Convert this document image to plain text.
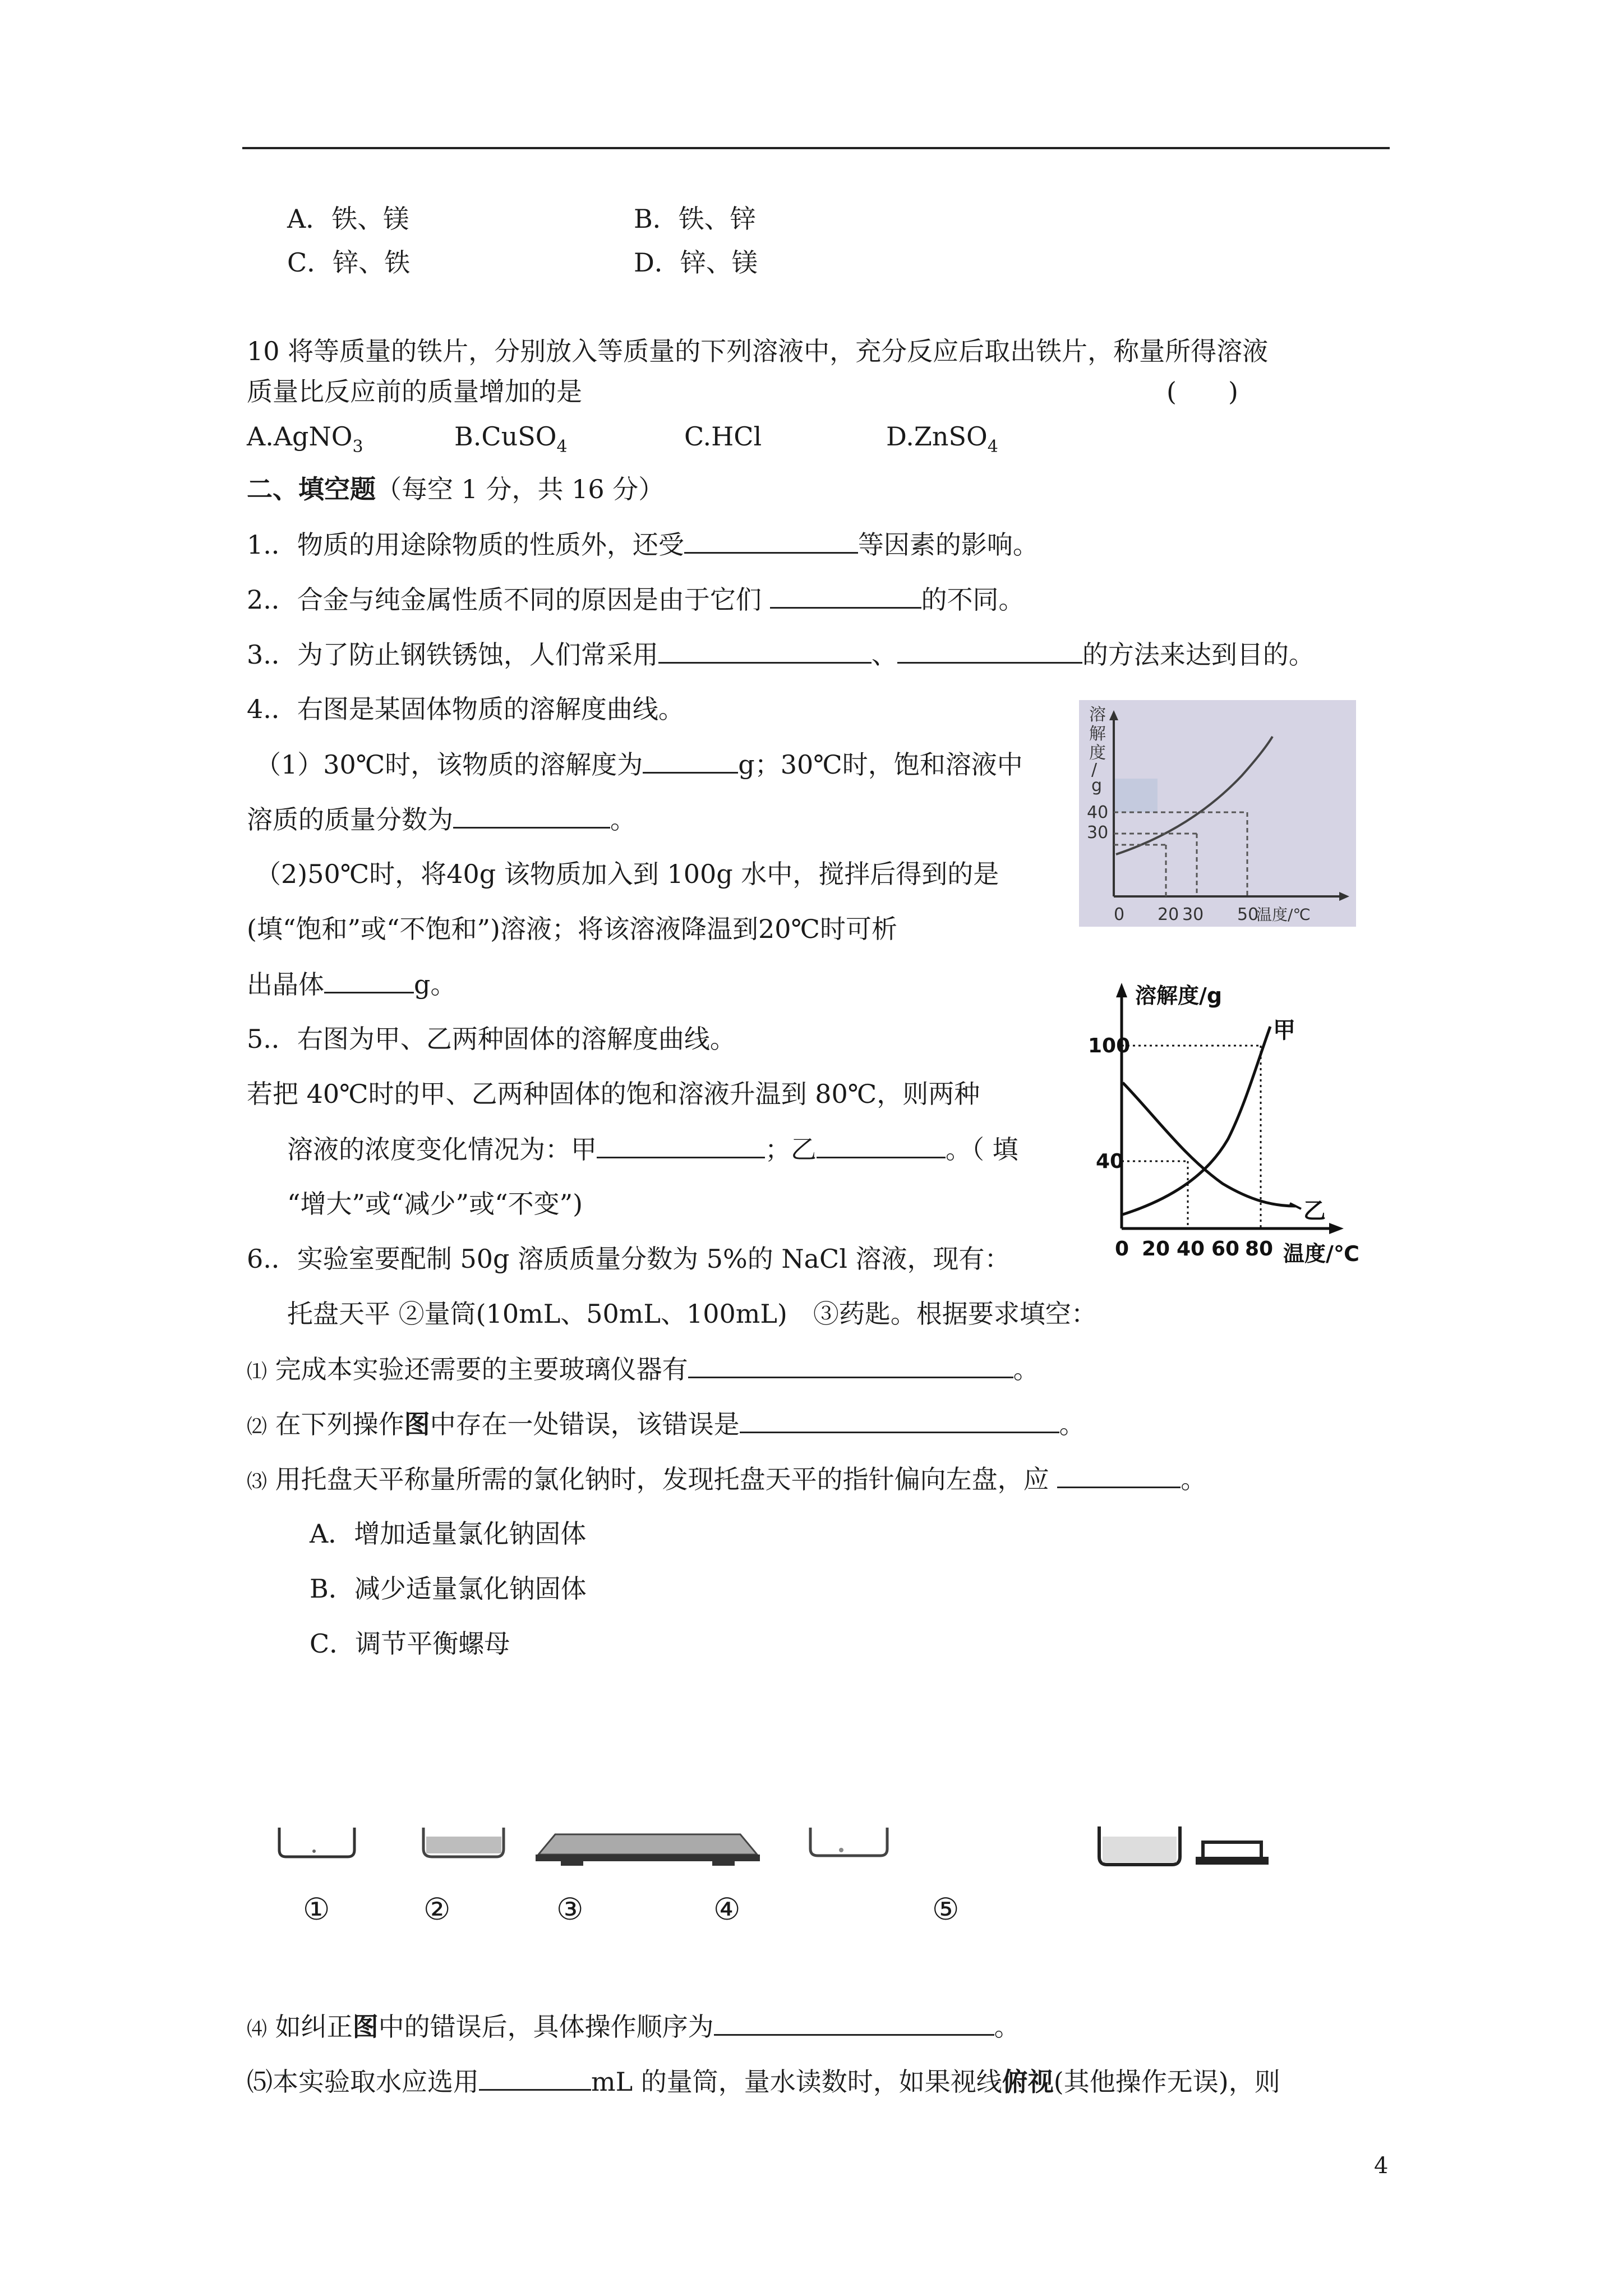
A．铁、镁	B．铁、锌
C．锌、铁	D．锌、镁
10 将等质量的铁片，分别放入等质量的下列溶液中，充分反应后取出铁片，称量所得溶液
质量比反应前的质量增加的是	(　　)
A.AgNO$_3$	B.CuSO$_4$	C.HCl	D.ZnSO$_4$
二、填空题（每空 1 分，共 16 分）
1.．物质的用途除物质的性质外，还受	等因素的影响。
2.．合金与纯金属性质不同的原因是由于它们	的不同。
3.．为了防止钢铁锈蚀，人们常采用	、	的方法来达到目的。
4.．右图是某固体物质的溶解度曲线。
（1）30℃时，该物质的溶解度为	g；30℃时，饱和溶液中
溶质的质量分数为	。
（2)50℃时，将40g 该物质加入到 100g 水中，搅拌后得到的是
(填“饱和”或“不饱和”)溶液；将该溶液降温到20℃时可析
出晶体	g。
溶
解
度
/
g
40
30
0 20 30 50
温度/℃
5.．右图为甲、乙两种固体的溶解度曲线。
若把 40℃时的甲、乙两种固体的饱和溶液升温到 80℃，则两种
溶液的浓度变化情况为：甲	；乙	。（ 填
“增大”或“减少”或“不变”)
溶解度/g
100
40
0 20 40 60 80 温度/℃
甲
乙
6.．实验室要配制 50g 溶质质量分数为 5%的 NaCl 溶液，现有：
托盘天平 ②量筒(10mL、50mL、100mL)　③药匙。根据要求填空：
⑴ 完成本实验还需要的主要玻璃仪器有	。
⑵ 在下列操作图中存在一处错误，该错误是	。
⑶ 用托盘天平称量所需的氯化钠时，发现托盘天平的指针偏向左盘，应	。
A．增加适量氯化钠固体
B．减少适量氯化钠固体
C．调节平衡螺母
①	②	③	④	⑤
⑷ 如纠正图中的错误后，具体操作顺序为	。
⑸本实验取水应选用	mL 的量筒，量水读数时，如果视线俯视(其他操作无误)，则
4
